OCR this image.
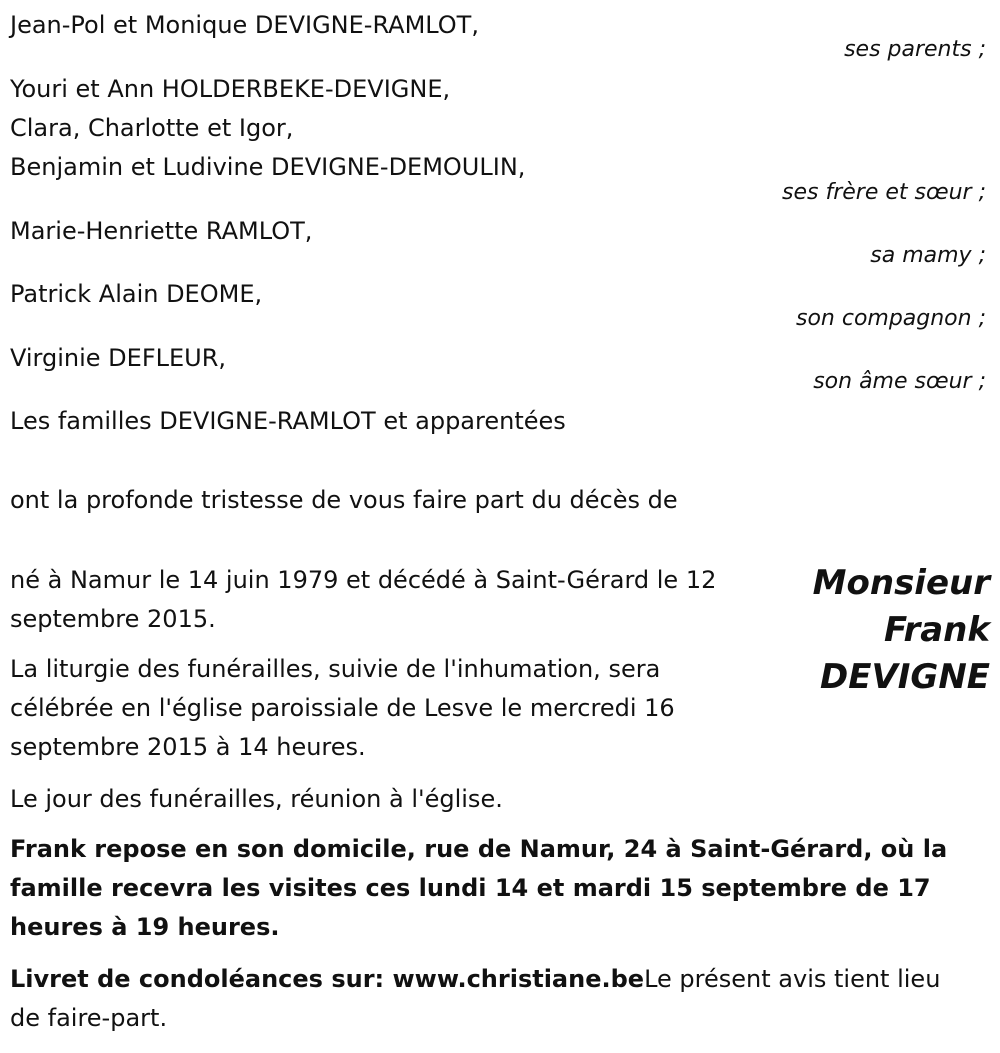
Jean-Pol et Monique DEVIGNE-RAMLOT,

ses parents ;

Youri et Ann HOLDERBEKE-DEVIGNE,

Clara, Charlotte et Igor,

Benjamin et Ludivine DEVIGNE-DEMOULIN,

ses frère et sœur ;

Marie-Henriette RAMLOT,

sa mamy ;

Patrick Alain DEOME,

son compagnon ;

Virginie DEFLEUR,

son âme sœur ;

Les familles DEVIGNE-RAMLOT et apparentées

ont la profonde tristesse de vous faire part du décès de

Monsieur
Frank
DEVIGNE

né à Namur le 14 juin 1979 et décédé à Saint-Gérard le 12 septembre 2015.

La liturgie des funérailles, suivie de l'inhumation, sera célébrée en l'église paroissiale de Lesve le mercredi 16 septembre 2015 à 14 heures.

Le jour des funérailles, réunion à l'église.

Frank repose en son domicile, rue de Namur, 24 à Saint-Gérard, où la famille recevra les visites ces lundi 14 et mardi 15 septembre de 17 heures à 19 heures.

Livret de condoléances sur: www.christiane.beLe présent avis tient lieu de faire-part.
